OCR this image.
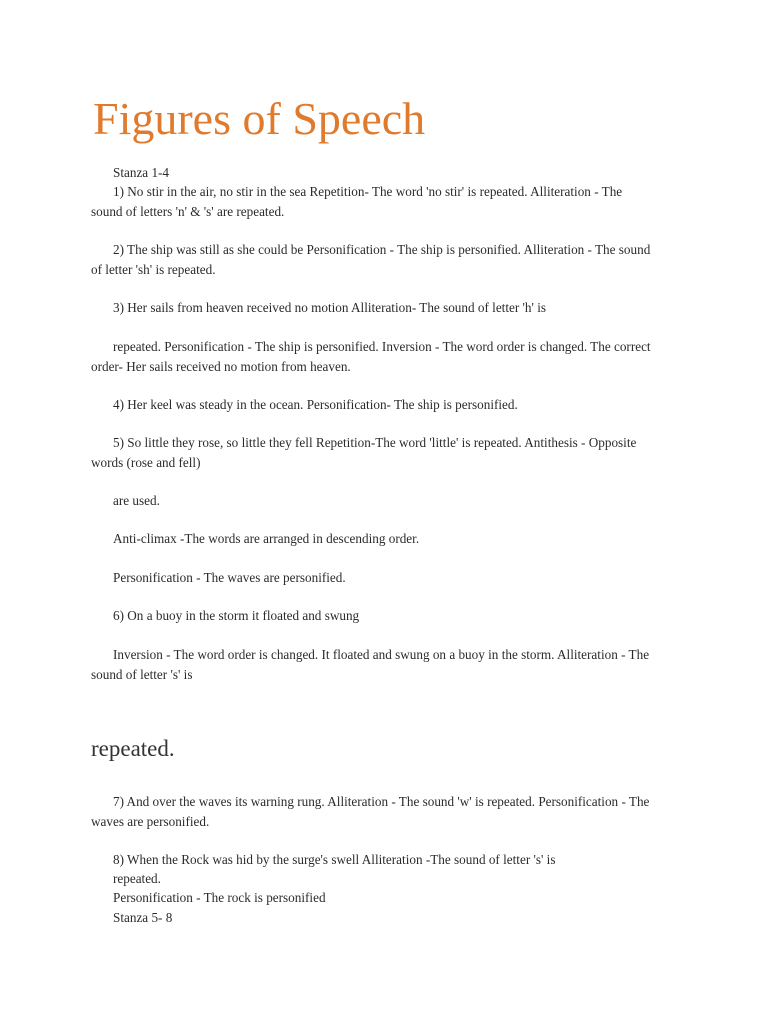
Figures of Speech

Stanza 1-4

1) No stir in the air, no stir in the sea Repetition- The word 'no stir' is repeated. Alliteration - The sound of letters 'n' & 's' are repeated.

2) The ship was still as she could be Personification - The ship is personified. Alliteration - The sound of letter 'sh' is repeated.

3) Her sails from heaven received no motion Alliteration- The sound of letter 'h' is

repeated. Personification - The ship is personified. Inversion - The word order is changed. The correct order- Her sails received no motion from heaven.

4) Her keel was steady in the ocean. Personification- The ship is personified.

5) So little they rose, so little they fell Repetition-The word 'little' is repeated. Antithesis - Opposite words (rose and fell)

are used.

Anti-climax -The words are arranged in descending order.

Personification - The waves are personified.

6) On a buoy in the storm it floated and swung

Inversion - The word order is changed. It floated and swung on a buoy in the storm. Alliteration - The sound of letter 's' is

repeated.

7) And over the waves its warning rung. Alliteration - The sound 'w' is repeated. Personification - The waves are personified.

8) When the Rock was hid by the surge's swell Alliteration -The sound of letter 's' is

repeated.

Personification - The rock is personified

Stanza 5- 8
